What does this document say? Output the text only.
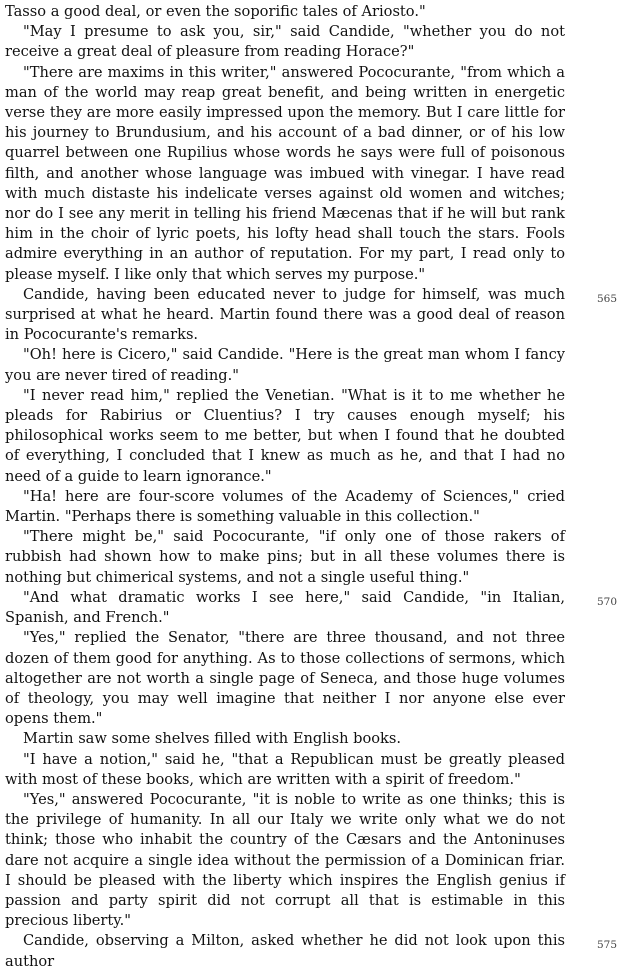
Tasso a good deal, or even the soporific tales of Ariosto."

"May I presume to ask you, sir," said Candide, "whether you do not receive a great deal of pleasure from reading Horace?"

"There are maxims in this writer," answered Pococurante, "from which a man of the world may reap great benefit, and being written in energetic verse they are more easily impressed upon the memory. But I care little for his journey to Brundusium, and his account of a bad dinner, or of his low quarrel between one Rupilius whose words he says were full of poisonous filth, and another whose language was imbued with vinegar. I have read with much distaste his indelicate verses against old women and witches; nor do I see any merit in telling his friend Mæcenas that if he will but rank him in the choir of lyric poets, his lofty head shall touch the stars. Fools admire everything in an author of reputation. For my part, I read only to please myself. I like only that which serves my purpose."

565

Candide, having been educated never to judge for himself, was much surprised at what he heard. Martin found there was a good deal of reason in Pococurante's remarks.

"Oh! here is Cicero," said Candide. "Here is the great man whom I fancy you are never tired of reading."

"I never read him," replied the Venetian. "What is it to me whether he pleads for Rabirius or Cluentius? I try causes enough myself; his philosophical works seem to me better, but when I found that he doubted of everything, I concluded that I knew as much as he, and that I had no need of a guide to learn ignorance."

"Ha! here are four-score volumes of the Academy of Sciences," cried Martin. "Perhaps there is something valuable in this collection."

"There might be," said Pococurante, "if only one of those rakers of rubbish had shown how to make pins; but in all these volumes there is nothing but chimerical systems, and not a single useful thing."

570

"And what dramatic works I see here," said Candide, "in Italian, Spanish, and French."

"Yes," replied the Senator, "there are three thousand, and not three dozen of them good for anything. As to those collections of sermons, which altogether are not worth a single page of Seneca, and those huge volumes of theology, you may well imagine that neither I nor anyone else ever opens them."

Martin saw some shelves filled with English books.

"I have a notion," said he, "that a Republican must be greatly pleased with most of these books, which are written with a spirit of freedom."

"Yes," answered Pococurante, "it is noble to write as one thinks; this is the privilege of humanity. In all our Italy we write only what we do not think; those who inhabit the country of the Cæsars and the Antoninuses dare not acquire a single idea without the permission of a Dominican friar. I should be pleased with the liberty which inspires the English genius if passion and party spirit did not corrupt all that is estimable in this precious liberty."

575

Candide, observing a Milton, asked whether he did not look upon this author
